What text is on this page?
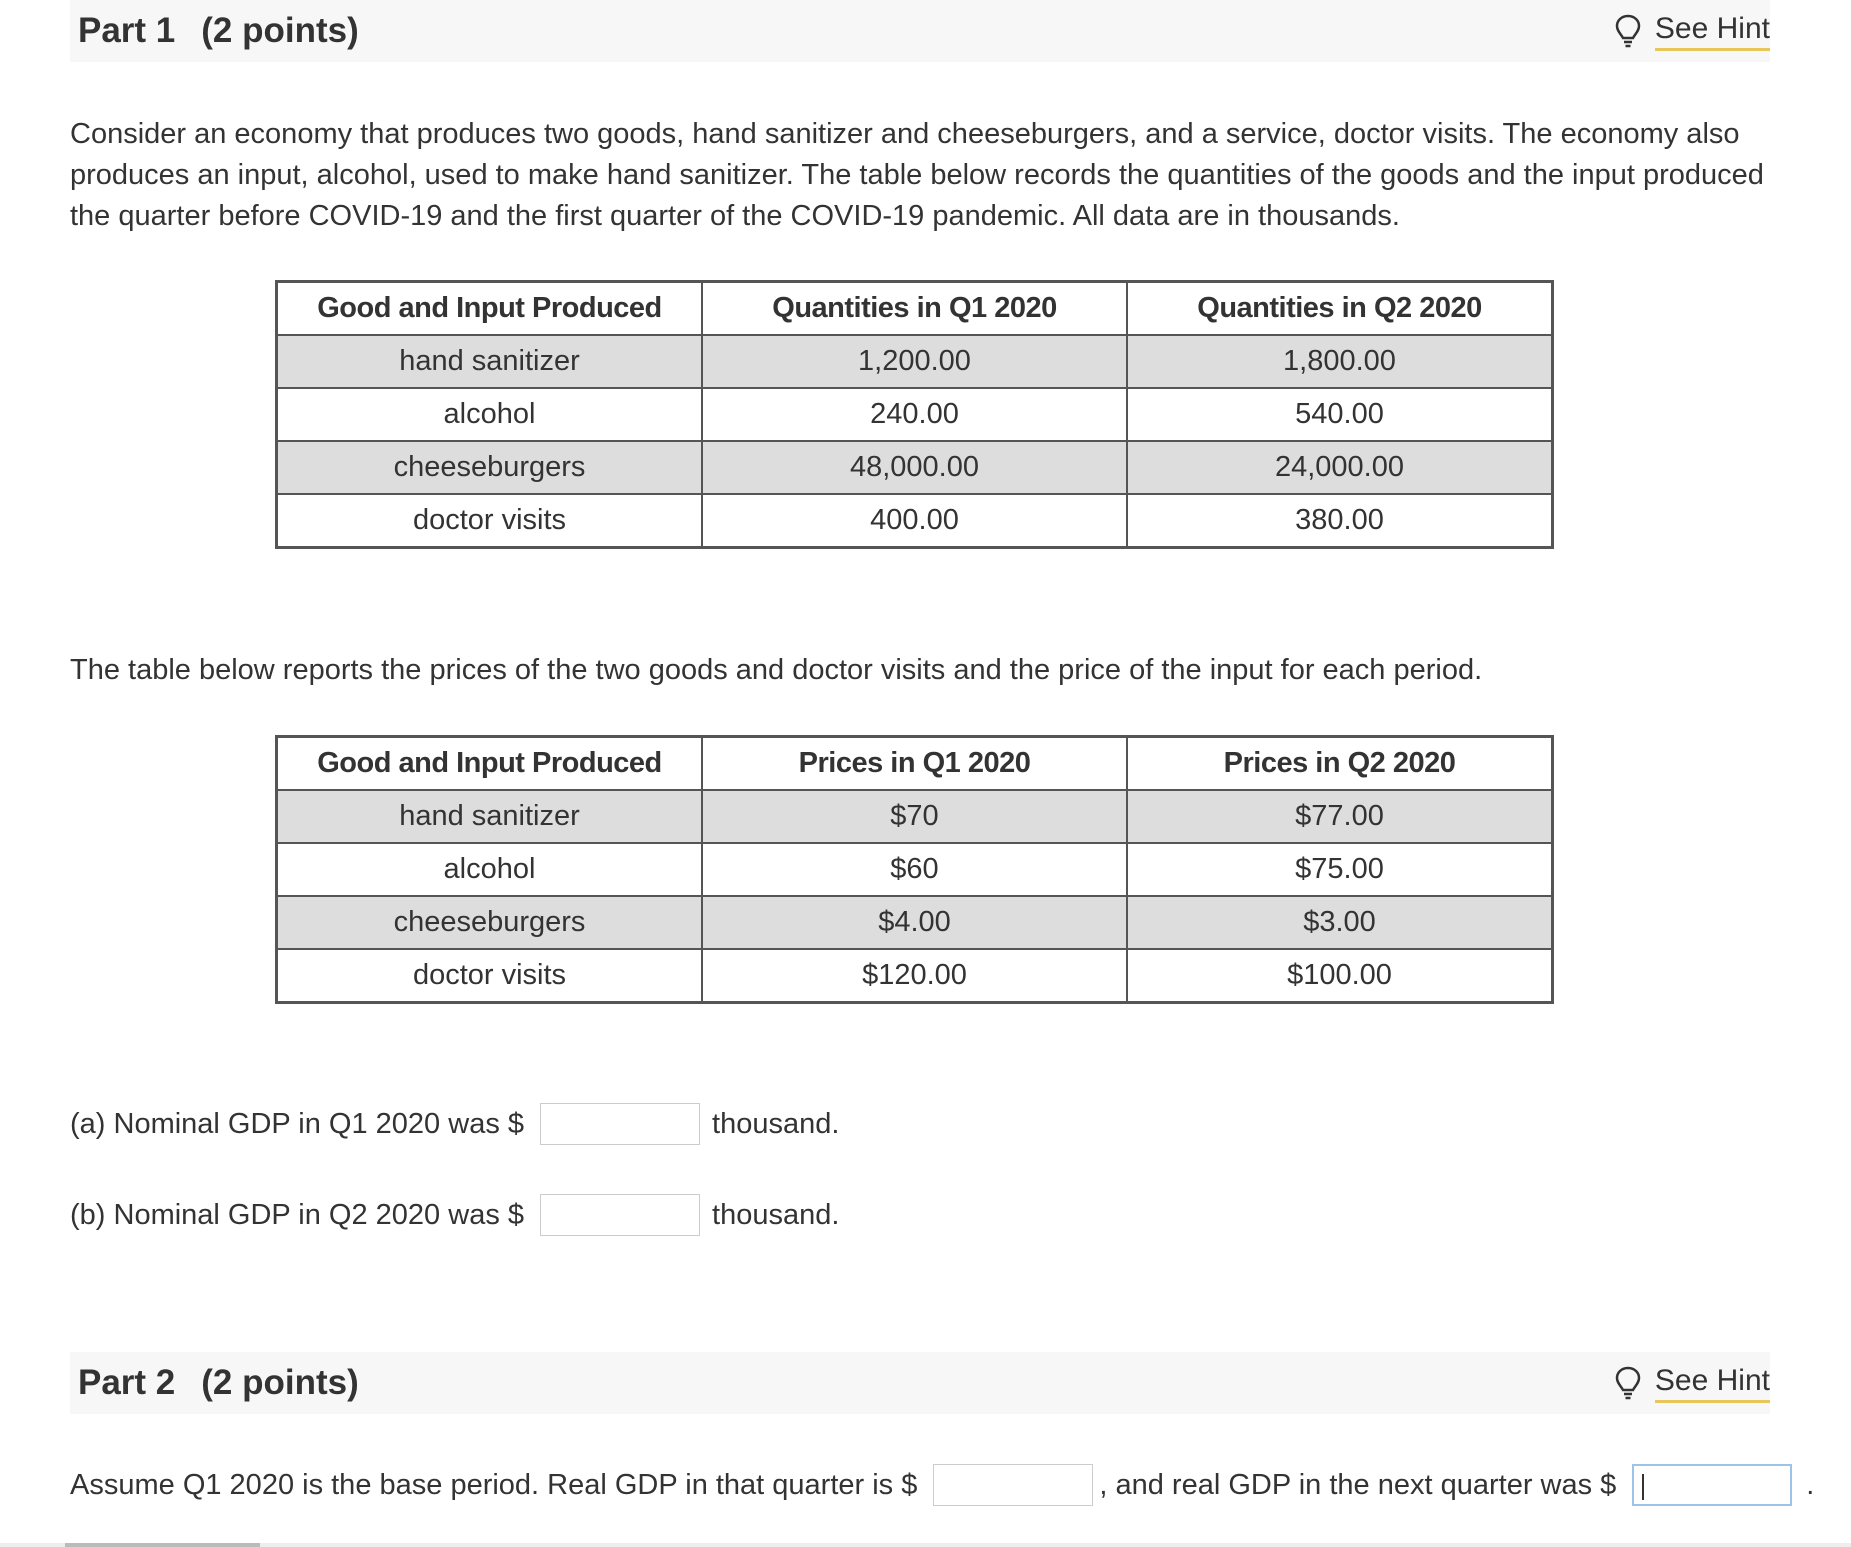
Part 1 (2 points)	See Hint
Consider an economy that produces two goods, hand sanitizer and cheeseburgers, and a service, doctor visits. The economy also produces an input, alcohol, used to make hand sanitizer. The table below records the quantities of the goods and the input produced the quarter before COVID-19 and the first quarter of the COVID-19 pandemic. All data are in thousands.
Good and Input Produced	Quantities in Q1 2020	Quantities in Q2 2020
hand sanitizer	1,200.00	1,800.00
alcohol	240.00	540.00
cheeseburgers	48,000.00	24,000.00
doctor visits	400.00	380.00
The table below reports the prices of the two goods and doctor visits and the price of the input for each period.
Good and Input Produced	Prices in Q1 2020	Prices in Q2 2020
hand sanitizer	$70	$77.00
alcohol	$60	$75.00
cheeseburgers	$4.00	$3.00
doctor visits	$120.00	$100.00
(a) Nominal GDP in Q1 2020 was $	thousand.
(b) Nominal GDP in Q2 2020 was $	thousand.
Part 2 (2 points)	See Hint
Assume Q1 2020 is the base period. Real GDP in that quarter is $	, and real GDP in the next quarter was $	.
